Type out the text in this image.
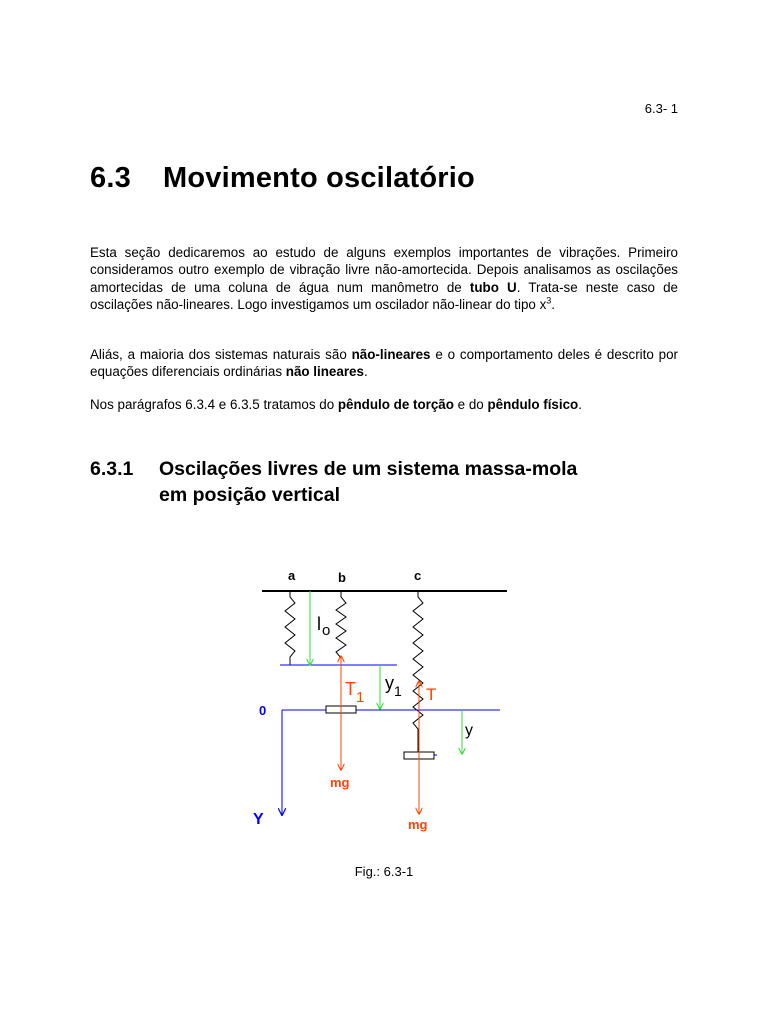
6.3- 1
6.3 Movimento oscilatório

Esta seção dedicaremos ao estudo de alguns exemplos importantes de vibrações. Primeiro consideramos outro exemplo de vibração livre não-amortecida. Depois analisamos as oscilações amortecidas de uma coluna de água num manômetro de tubo U. Trata-se neste caso de oscilações não-lineares. Logo investigamos um oscilador não-linear do tipo $x^3$.

Aliás, a maioria dos sistemas naturais são não-lineares e o comportamento deles é descrito por equações diferenciais ordinárias não lineares.

Nos parágrafos 6.3.4 e 6.3.5 tratamos do pêndulo de torção e do pêndulo físico.

6.3.1 Oscilações livres de um sistema massa-mola
em posição vertical
a	b	c
$l_o$
$T_1$
$y_1$ T
0
y
mg
mg
Y
Fig.: 6.3-1
